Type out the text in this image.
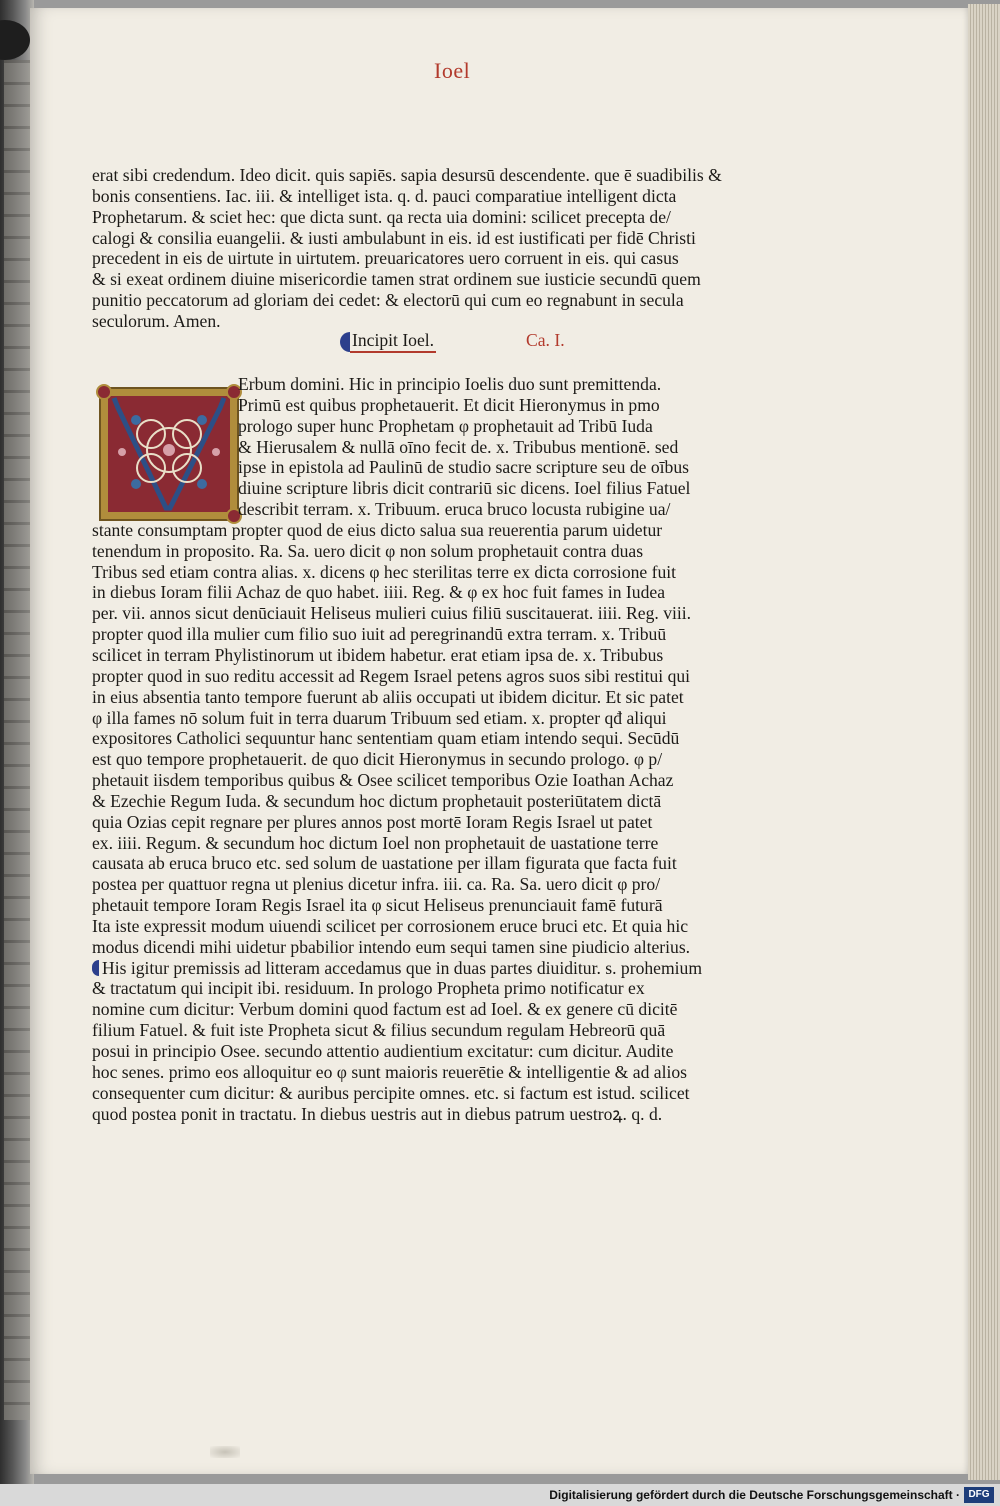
Ioel
erat sibi credendum. Ideo dicit. quis sapiēs. sapia desursū descendente. que ē suadibilis &
bonis consentiens. Iac. iii. & intelliget ista. q. d. pauci comparatiue intelligent dicta
Prophetarum. & sciet hec: que dicta sunt. qa recta uia domini: scilicet precepta de/
calogi & consilia euangelii. & iusti ambulabunt in eis. id est iustificati per fidē Christi
precedent in eis de uirtute in uirtutem. preuaricatores uero corruent in eis. qui casus
& si exeat ordinem diuine misericordie tamen strat ordinem sue iusticie secundū quem
punitio peccatorum ad gloriam dei cedet: & electorū qui cum eo regnabunt in secula
seculorum. Amen.
Incipit Ioel.	Ca. I.
Erbum domini. Hic in principio Ioelis duo sunt premittenda.
Primū est quibus prophetauerit. Et dicit Hieronymus in pmo
prologo super hunc Prophetam φ prophetauit ad Tribū Iuda
& Hierusalem & nullā oīno fecit de. x. Tribubus mentionē. sed
ipse in epistola ad Paulinū de studio sacre scripture seu de oībus
diuine scripture libris dicit contrariū sic dicens. Ioel filius Fatuel
describit terram. x. Tribuum. eruca bruco locusta rubigine ua/
stante consumptam propter quod de eius dicto salua sua reuerentia parum uidetur
tenendum in proposito. Ra. Sa. uero dicit φ non solum prophetauit contra duas
Tribus sed etiam contra alias. x. dicens φ hec sterilitas terre ex dicta corrosione fuit
in diebus Ioram filii Achaz de quo habet. iiii. Reg. & φ ex hoc fuit fames in Iudea
per. vii. annos sicut denūciauit Heliseus mulieri cuius filiū suscitauerat. iiii. Reg. viii.
propter quod illa mulier cum filio suo iuit ad peregrinandū extra terram. x. Tribuū
scilicet in terram Phylistinorum ut ibidem habetur. erat etiam ipsa de. x. Tribubus
propter quod in suo reditu accessit ad Regem Israel petens agros suos sibi restitui qui
in eius absentia tanto tempore fuerunt ab aliis occupati ut ibidem dicitur. Et sic patet
φ illa fames nō solum fuit in terra duarum Tribuum sed etiam. x. propter qđ aliqui
expositores Catholici sequuntur hanc sententiam quam etiam intendo sequi. Secūdū
est quo tempore prophetauerit. de quo dicit Hieronymus in secundo prologo. φ p/
phetauit iisdem temporibus quibus & Osee scilicet temporibus Ozie Ioathan Achaz
& Ezechie Regum Iuda. & secundum hoc dictum prophetauit posteriūtatem dictā
quia Ozias cepit regnare per plures annos post mortē Ioram Regis Israel ut patet
ex. iiii. Regum. & secundum hoc dictum Ioel non prophetauit de uastatione terre
causata ab eruca bruco etc. sed solum de uastatione per illam figurata que facta fuit
postea per quattuor regna ut plenius dicetur infra. iii. ca. Ra. Sa. uero dicit φ pro/
phetauit tempore Ioram Regis Israel ita φ sicut Heliseus prenunciauit famē futurā
Ita iste expressit modum uiuendi scilicet per corrosionem eruce bruci etc. Et quia hic
modus dicendi mihi uidetur pbabilior intendo eum sequi tamen sine piudicio alterius.
His igitur premissis ad litteram accedamus que in duas partes diuiditur. s. prohemium
& tractatum qui incipit ibi. residuum. In prologo Propheta primo notificatur ex
nomine cum dicitur: Verbum domini quod factum est ad Ioel. & ex genere cū dicitē
filium Fatuel. & fuit iste Propheta sicut & filius secundum regulam Hebreorū quā
posui in principio Osee. secundo attentio audientium excitatur: cum dicitur. Audite
hoc senes. primo eos alloquitur eo φ sunt maioris reuerētie & intelligentie & ad alios
consequenter cum dicitur: & auribus percipite omnes. etc. si factum est istud. scilicet
quod postea ponit in tractatu. In diebus uestris aut in diebus patrum uestroꝝ. q. d.
Digitalisierung gefördert durch die Deutsche Forschungsgemeinschaft · DFG
